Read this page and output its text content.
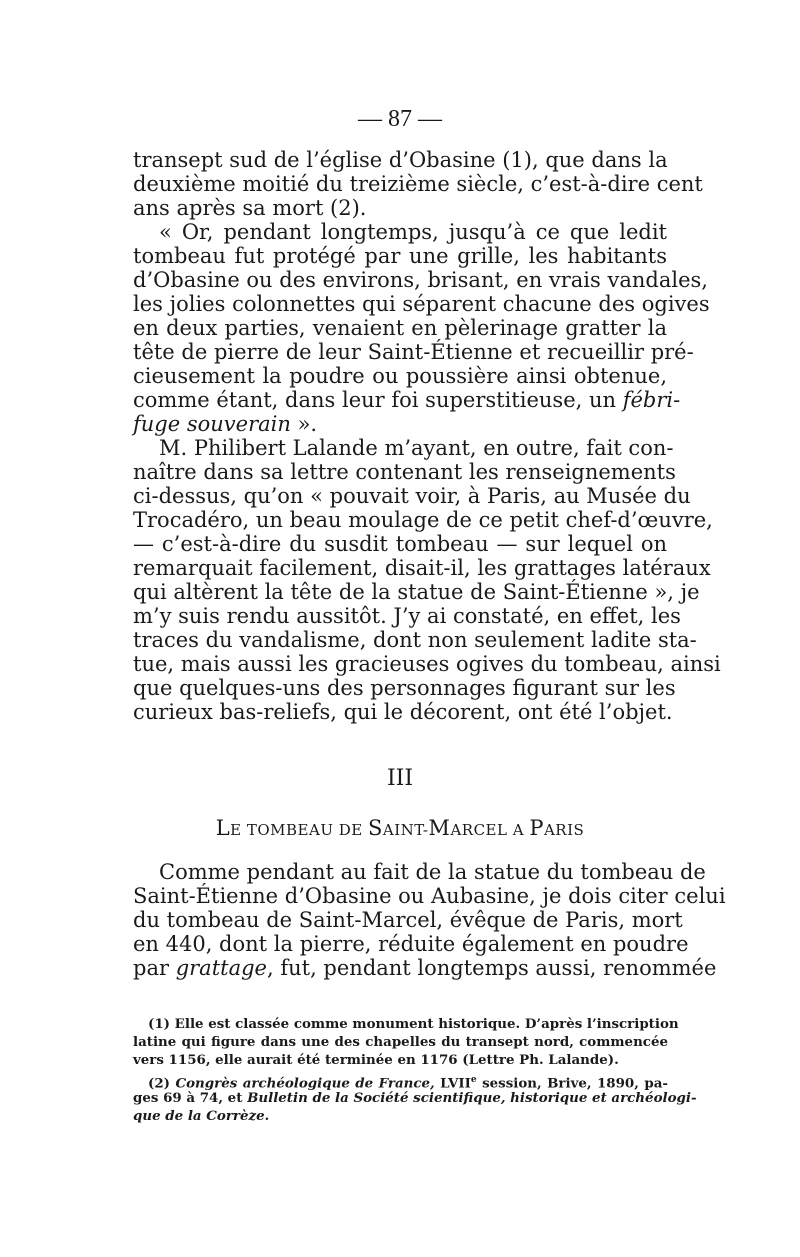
— 87 —
transept sud de l’église d’Obasine (1), que dans la
deuxième moitié du treizième siècle, c’est-à-dire cent
ans après sa mort (2).
« Or, pendant longtemps, jusqu’à ce que ledit
tombeau fut protégé par une grille, les habitants
d’Obasine ou des environs, brisant, en vrais vandales,
les jolies colonnettes qui séparent chacune des ogives
en deux parties, venaient en pèlerinage gratter la
tête de pierre de leur Saint-Étienne et recueillir pré-
cieusement la poudre ou poussière ainsi obtenue,
comme étant, dans leur foi superstitieuse, un fébri-
fuge souverain ».
M. Philibert Lalande m’ayant, en outre, fait con-
naître dans sa lettre contenant les renseignements
ci-dessus, qu’on « pouvait voir, à Paris, au Musée du
Trocadéro, un beau moulage de ce petit chef-d’œuvre,
— c’est-à-dire du susdit tombeau — sur lequel on
remarquait facilement, disait-il, les grattages latéraux
qui altèrent la tête de la statue de Saint-Étienne », je
m’y suis rendu aussitôt. J’y ai constaté, en effet, les
traces du vandalisme, dont non seulement ladite sta-
tue, mais aussi les gracieuses ogives du tombeau, ainsi
que quelques-uns des personnages figurant sur les
curieux bas-reliefs, qui le décorent, ont été l’objet.
III
LE TOMBEAU DE SAINT-MARCEL A PARIS
Comme pendant au fait de la statue du tombeau de
Saint-Étienne d’Obasine ou Aubasine, je dois citer celui
du tombeau de Saint-Marcel, évêque de Paris, mort
en 440, dont la pierre, réduite également en poudre
par grattage, fut, pendant longtemps aussi, renommée
(1) Elle est classée comme monument historique. D’après l’inscription
latine qui figure dans une des chapelles du transept nord, commencée
vers 1156, elle aurait été terminée en 1176 (Lettre Ph. Lalande).
(2) Congrès archéologique de France, LVIIe session, Brive, 1890, pa-
ges 69 à 74, et Bulletin de la Société scientifique, historique et archéologi-
que de la Corrèze.
